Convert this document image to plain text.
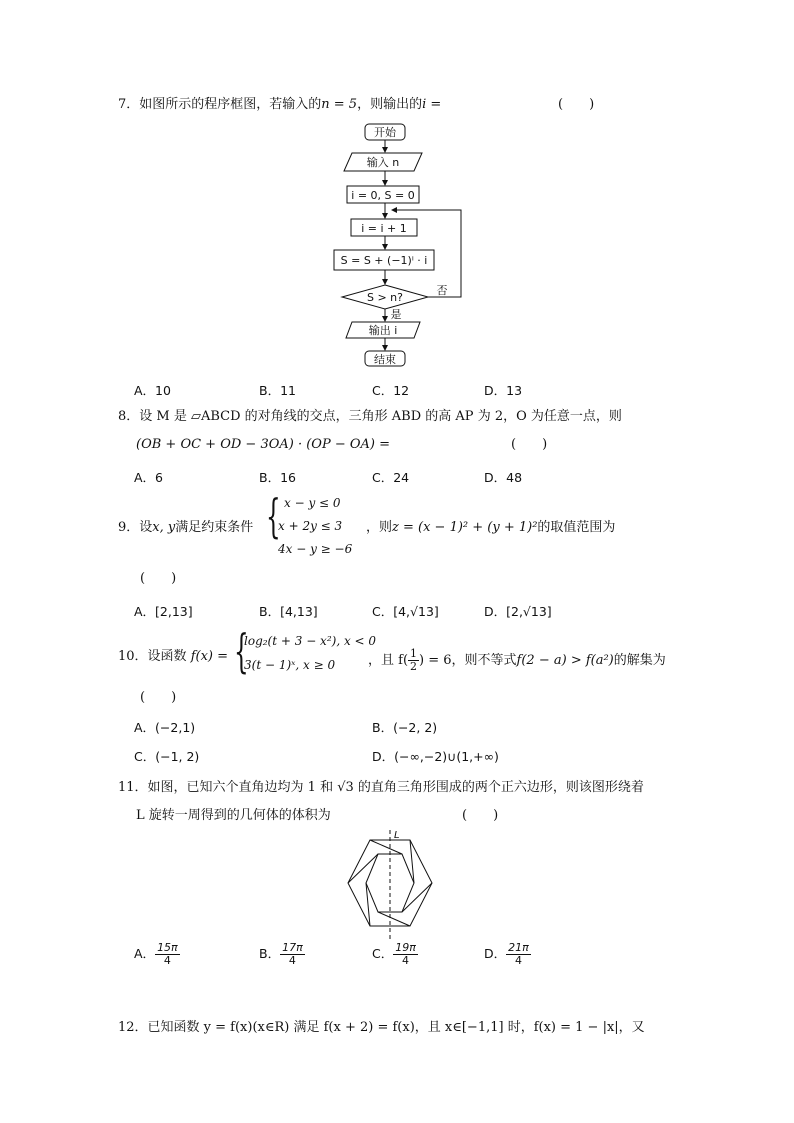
7．如图所示的程序框图，若输入的n = 5，则输出的i =	(　　)
开始
输入 n
i = 0, S = 0
i = i + 1
S = S + (−1)ⁱ · i
S > n?
否
是
输出 i
结束
A．10	B．11	C．12	D．13
8．设 M 是 ▱ABCD 的对角线的交点，三角形 ABD 的高 AP 为 2，O 为任意一点，则
(OB + OC + OD − 3OA) · (OP − OA) =	(　　)
A．6	B．16	C．24	D．48
9．设x, y满足约束条件 { x − y ≤ 0
x + 2y ≤ 3
4x − y ≥ −6
，则z = (x − 1)² + (y + 1)²的取值范围为
(　　)
A．[2,13]	B．[4,13]	C．[4,√13]	D．[2,√13]
10．设函数 f(x) = {
log₂(t + 3 − x²), x < 0
3(t − 1)ˣ, x ≥ 0	，且 $f( \frac{1}{2}$ ) = 6，则不等式f(2 − a) > f(a²)的解集为
(　　)
A．(−2,1)	B．(−2, 2)
C．(−1, 2)	D．(−∞,−2)∪(1,+∞)
11．如图，已知六个直角边均为 1 和 √3 的直角三角形围成的两个正六边形，则该图形绕着
L 旋转一周得到的几何体的体积为	(　　)
L
A． $\frac{15\pi}{4}$	B． $\frac{17\pi}{4}$	C． $\frac{19\pi}{4}$	D． $\frac{21\pi}{4}$
12．已知函数 y = f(x)(x∈R) 满足 f(x + 2) = f(x)，且 x∈[−1,1] 时，f(x) = 1 − |x|，又
